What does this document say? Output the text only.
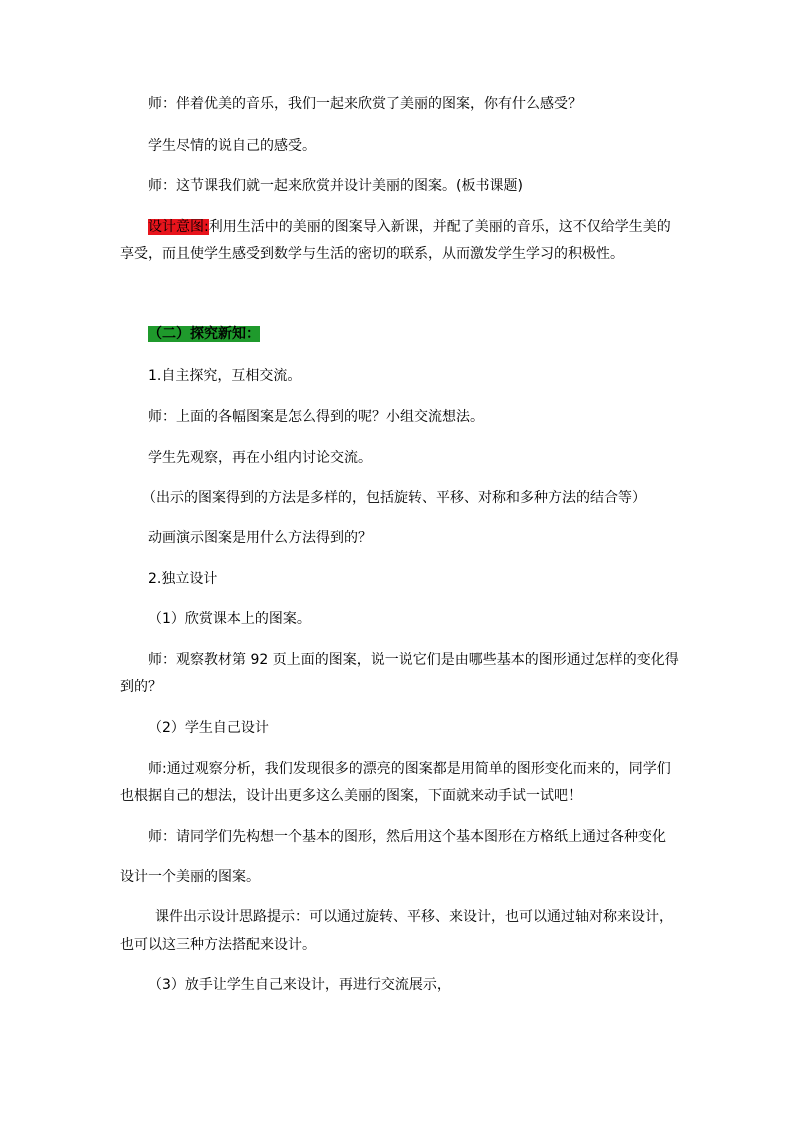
师：伴着优美的音乐，我们一起来欣赏了美丽的图案，你有什么感受？
学生尽情的说自己的感受。
师：这节课我们就一起来欣赏并设计美丽的图案。(板书课题)
设计意图:利用生活中的美丽的图案导入新课，并配了美丽的音乐，这不仅给学生美的
享受，而且使学生感受到数学与生活的密切的联系，从而激发学生学习的积极性。
（二）探究新知：
1.自主探究，互相交流。
师：上面的各幅图案是怎么得到的呢？小组交流想法。
学生先观察，再在小组内讨论交流。
（出示的图案得到的方法是多样的，包括旋转、平移、对称和多种方法的结合等）
动画演示图案是用什么方法得到的？
2.独立设计
（1）欣赏课本上的图案。
师：观察教材第 92 页上面的图案，说一说它们是由哪些基本的图形通过怎样的变化得
到的？
（2）学生自己设计
师:通过观察分析，我们发现很多的漂亮的图案都是用简单的图形变化而来的，同学们
也根据自己的想法，设计出更多这么美丽的图案，下面就来动手试一试吧！
师：请同学们先构想一个基本的图形，然后用这个基本图形在方格纸上通过各种变化
设计一个美丽的图案。
课件出示设计思路提示：可以通过旋转、平移、来设计，也可以通过轴对称来设计，
也可以这三种方法搭配来设计。
（3）放手让学生自己来设计，再进行交流展示，
